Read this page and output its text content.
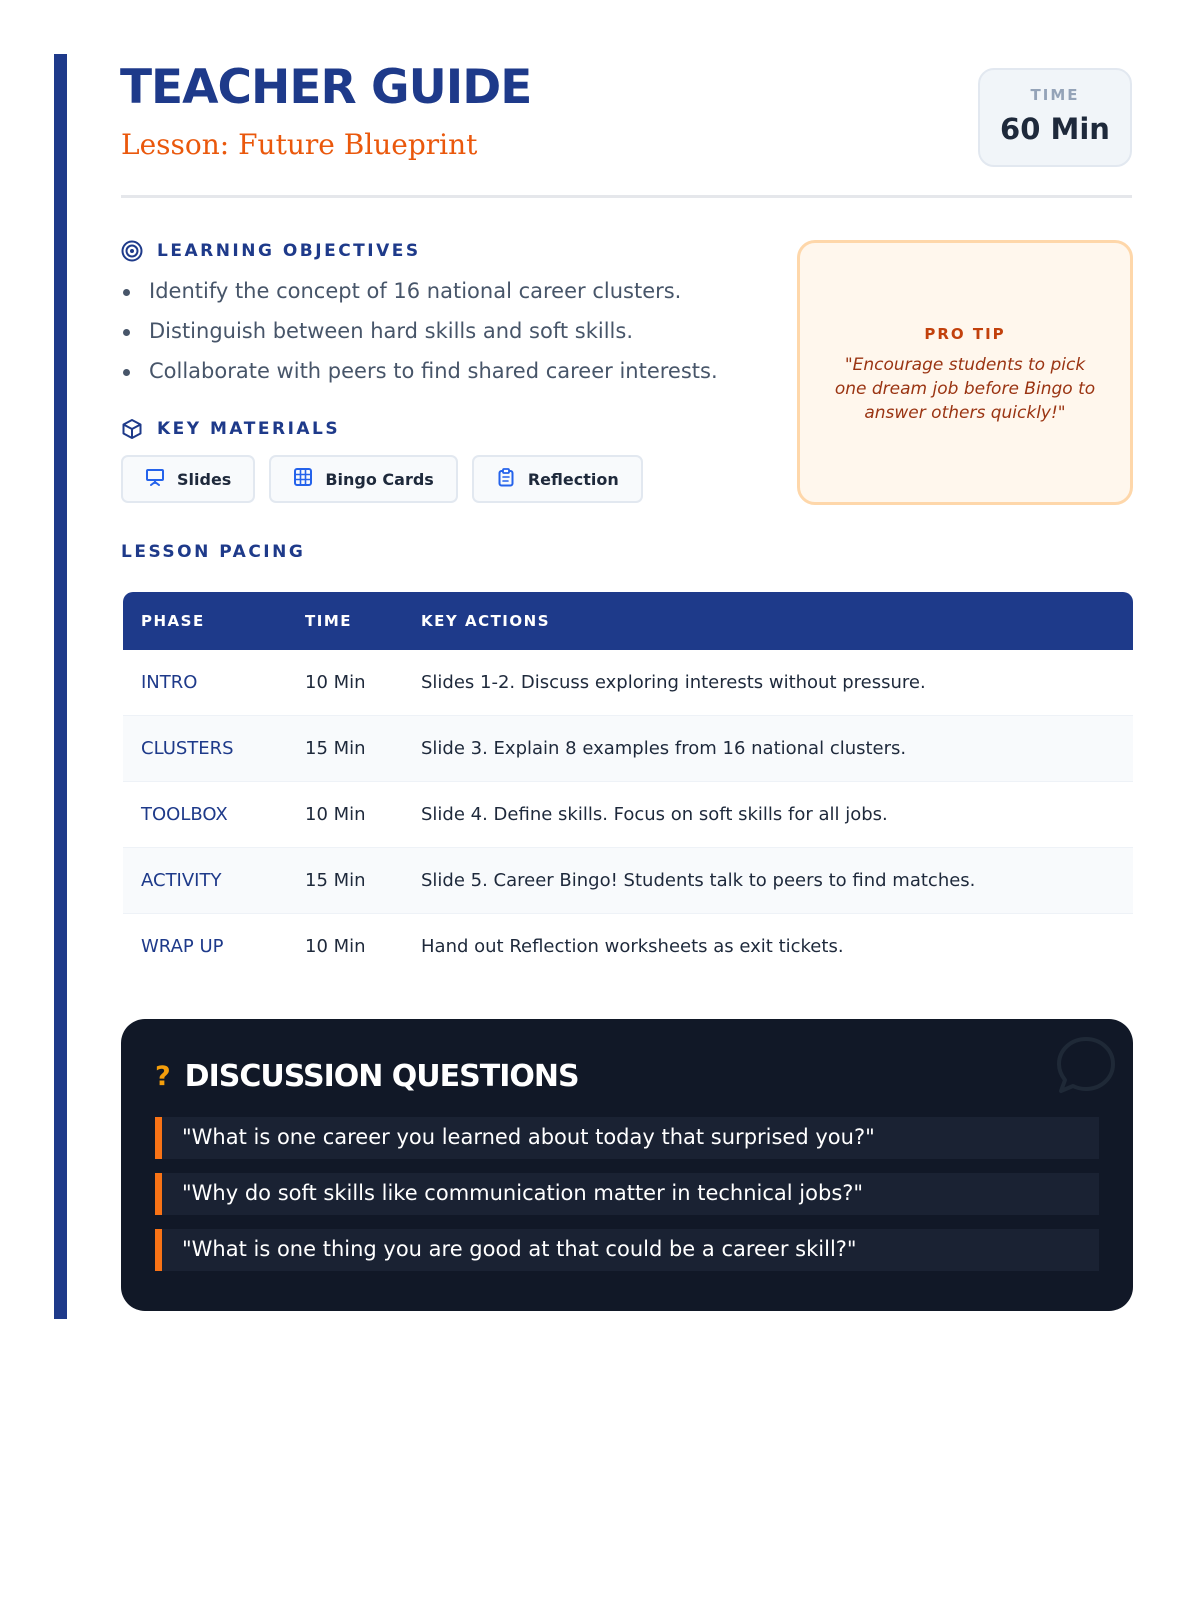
TEACHER GUIDE
Lesson: Future Blueprint
TIME
60 Min
LEARNING OBJECTIVES
Identify the concept of 16 national career clusters.
Distinguish between hard skills and soft skills.
Collaborate with peers to find shared career interests.
KEY MATERIALS
Slides	Bingo Cards	Reflection
PRO TIP
"Encourage students to pick one dream job before Bingo to answer others quickly!"
LESSON PACING
PHASE	TIME	KEY ACTIONS
INTRO	10 Min	Slides 1-2. Discuss exploring interests without pressure.
CLUSTERS	15 Min	Slide 3. Explain 8 examples from 16 national clusters.
TOOLBOX	10 Min	Slide 4. Define skills. Focus on soft skills for all jobs.
ACTIVITY	15 Min	Slide 5. Career Bingo! Students talk to peers to find matches.
WRAP UP	10 Min	Hand out Reflection worksheets as exit tickets.
? DISCUSSION QUESTIONS
"What is one career you learned about today that surprised you?"
"Why do soft skills like communication matter in technical jobs?"
"What is one thing you are good at that could be a career skill?"
